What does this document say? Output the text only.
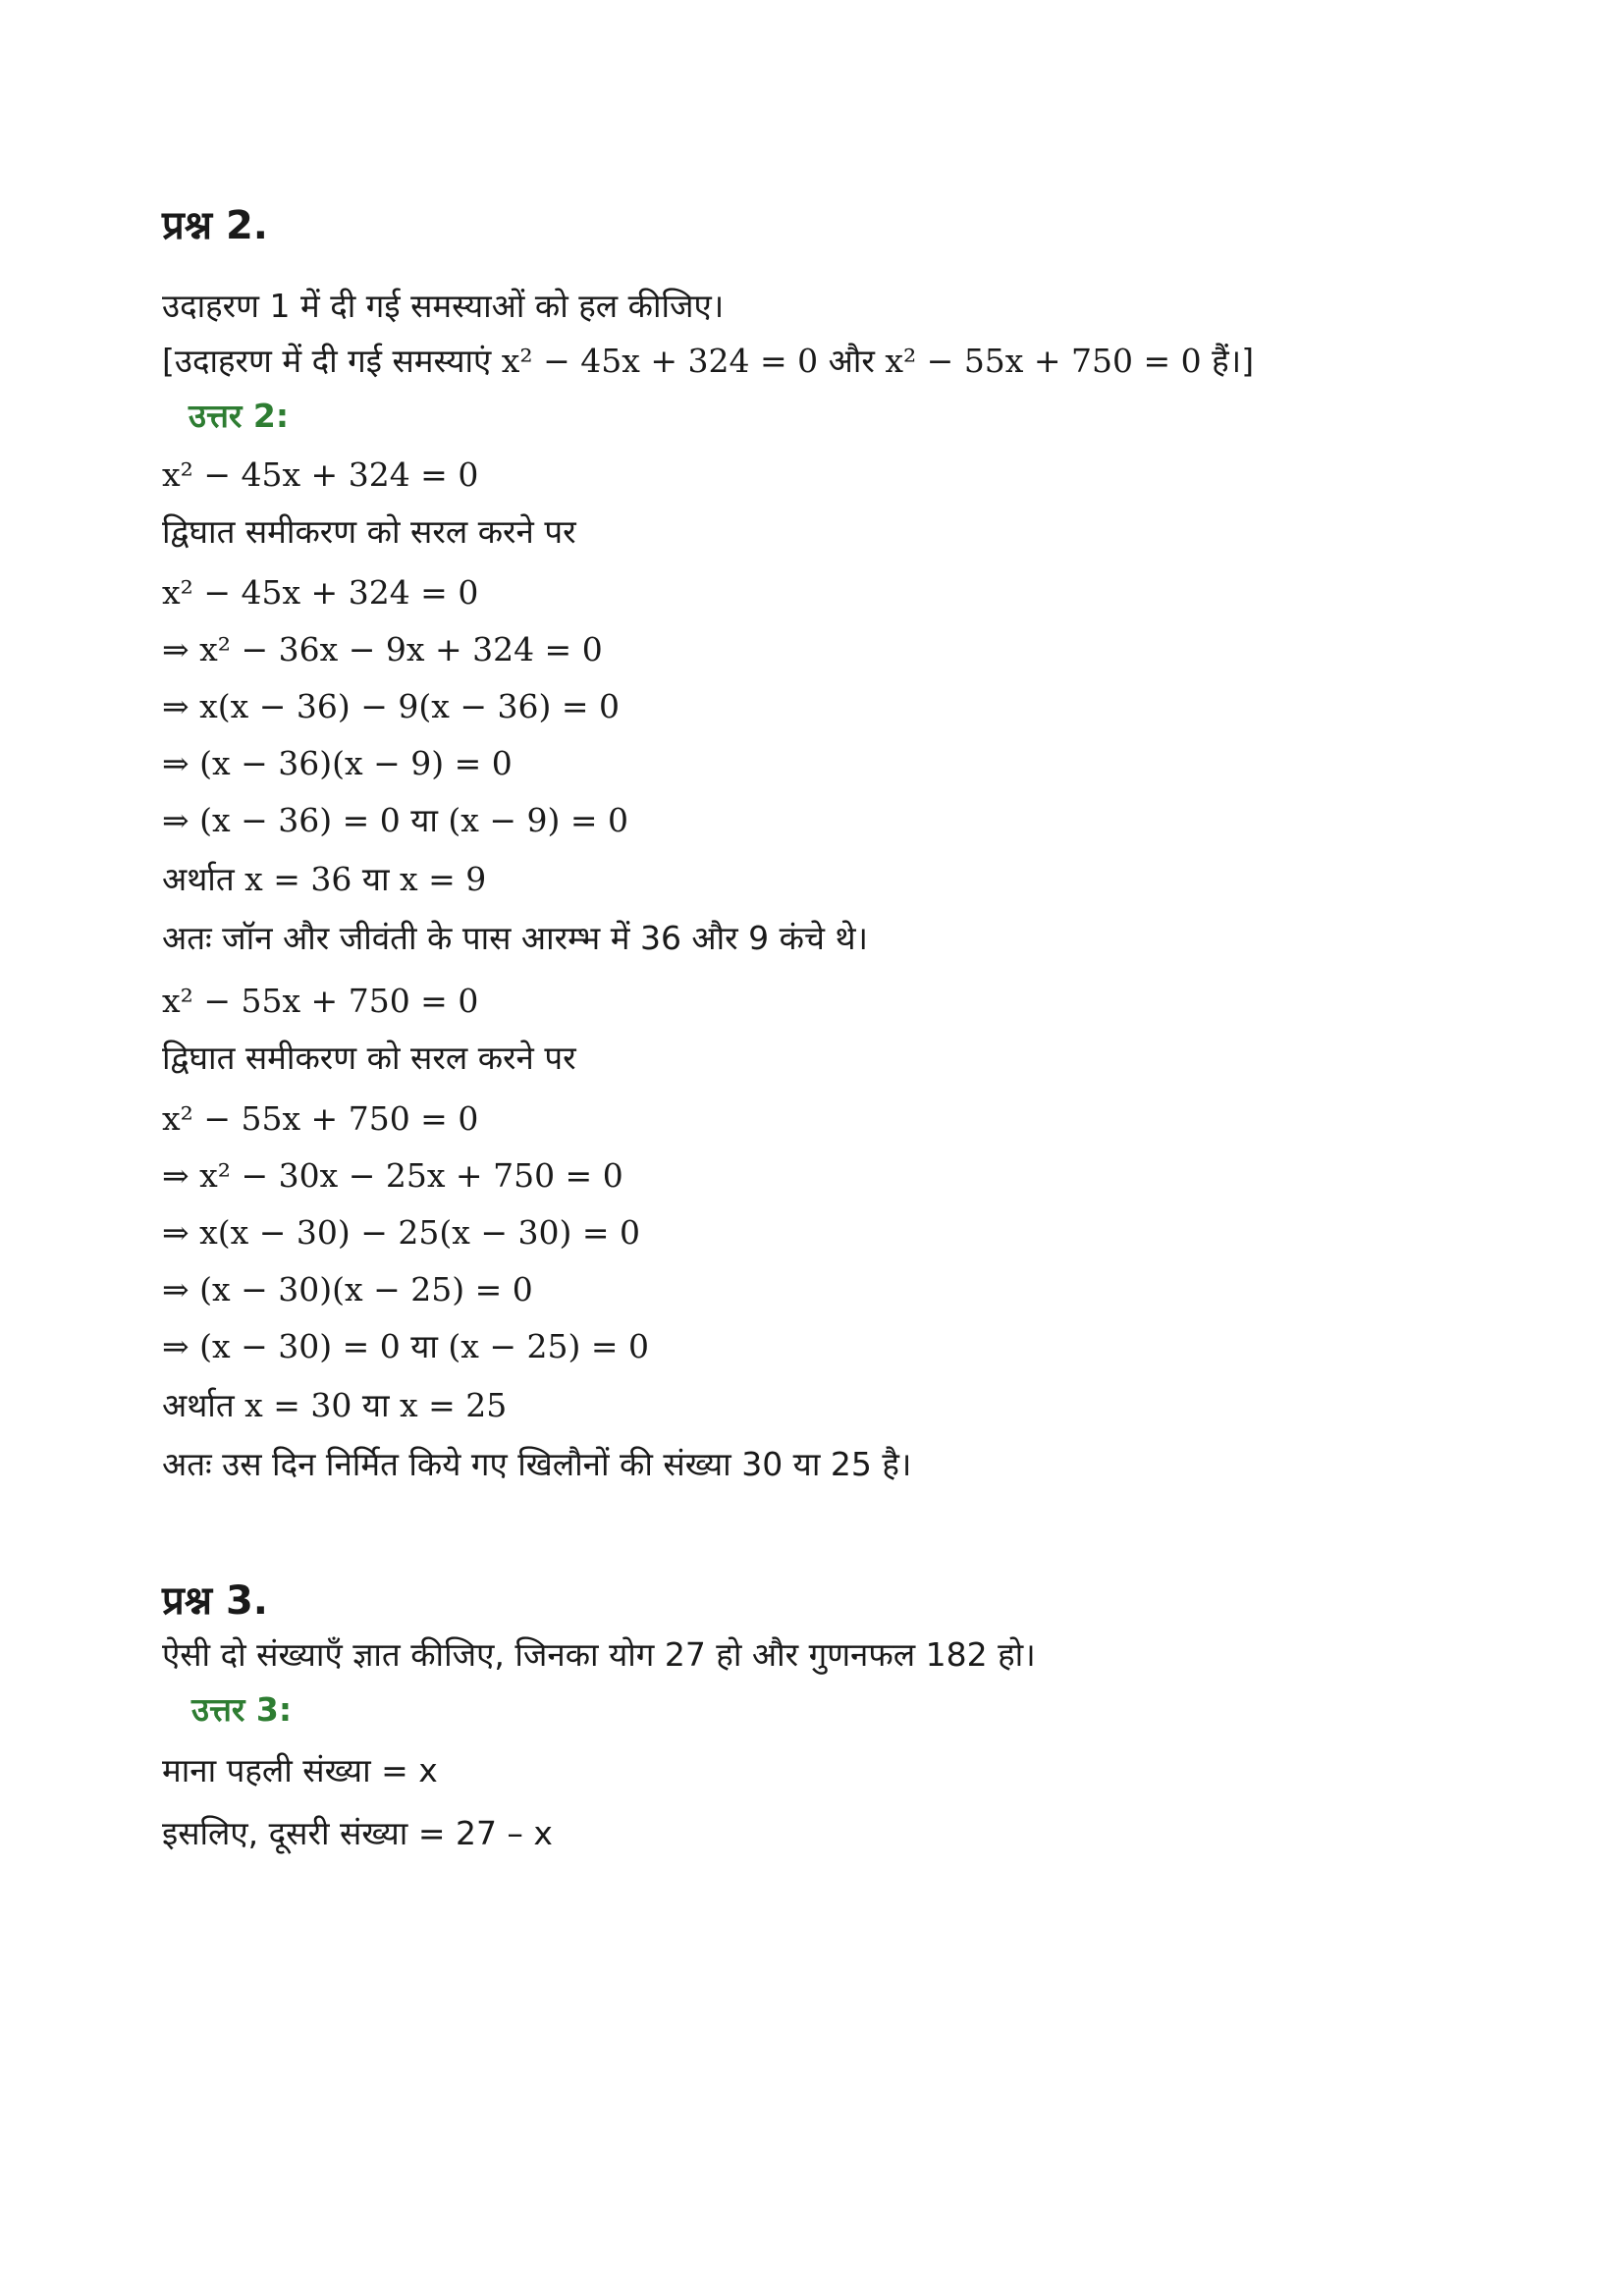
प्रश्न 2.
उदाहरण 1 में दी गई समस्याओं को हल कीजिए।
[उदाहरण में दी गई समस्याएं x² − 45x + 324 = 0 और x² − 55x + 750 = 0 हैं।]
उत्तर 2:
x² − 45x + 324 = 0
द्विघात समीकरण को सरल करने पर
x² − 45x + 324 = 0
⇒ x² − 36x − 9x + 324 = 0
⇒ x(x − 36) − 9(x − 36) = 0
⇒ (x − 36)(x − 9) = 0
⇒ (x − 36) = 0 या (x − 9) = 0
अर्थात x = 36 या x = 9
अतः जॉन और जीवंती के पास आरम्भ में 36 और 9 कंचे थे।
x² − 55x + 750 = 0
द्विघात समीकरण को सरल करने पर
x² − 55x + 750 = 0
⇒ x² − 30x − 25x + 750 = 0
⇒ x(x − 30) − 25(x − 30) = 0
⇒ (x − 30)(x − 25) = 0
⇒ (x − 30) = 0 या (x − 25) = 0
अर्थात x = 30 या x = 25
अतः उस दिन निर्मित किये गए खिलौनों की संख्या 30 या 25 है।
प्रश्न 3.
ऐसी दो संख्याएँ ज्ञात कीजिए, जिनका योग 27 हो और गुणनफल 182 हो।
उत्तर 3:
माना पहली संख्या = x
इसलिए, दूसरी संख्या = 27 – x
